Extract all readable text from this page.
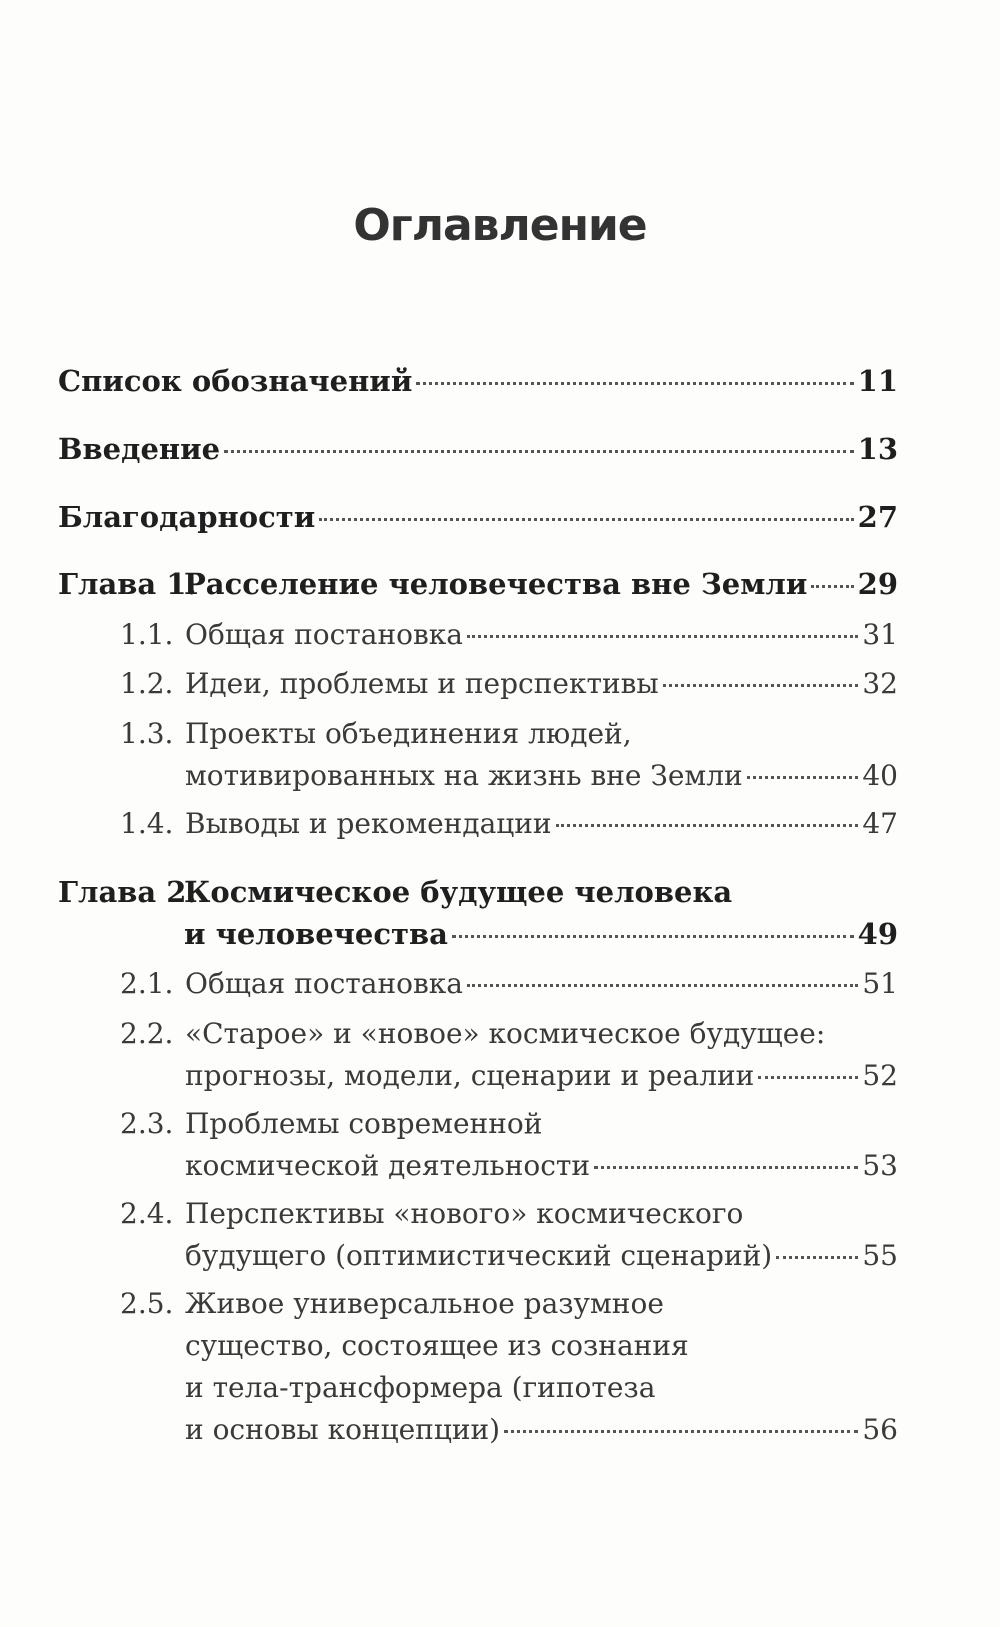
Оглавление
Список обозначений	11
Введение	13
Благодарности	27
Глава 1.
Расселение человечества вне Земли 29
1.1. Общая постановка	31
1.2. Идеи, проблемы и перспективы	32
1.3. Проекты объединения людей,
мотивированных на жизнь вне Земли	40
1.4. Выводы и рекомендации	47
Глава 2.
Космическое будущее человека
и человечества	49
2.1. Общая постановка	51
2.2. «Старое» и «новое» космическое будущее:
прогнозы, модели, сценарии и реалии	52
2.3. Проблемы современной
космической деятельности	53
2.4. Перспективы «нового» космического
будущего (оптимистический сценарий)	55
2.5. Живое универсальное разумное
существо, состоящее из сознания
и тела-трансформера (гипотеза
и основы концепции)	56
